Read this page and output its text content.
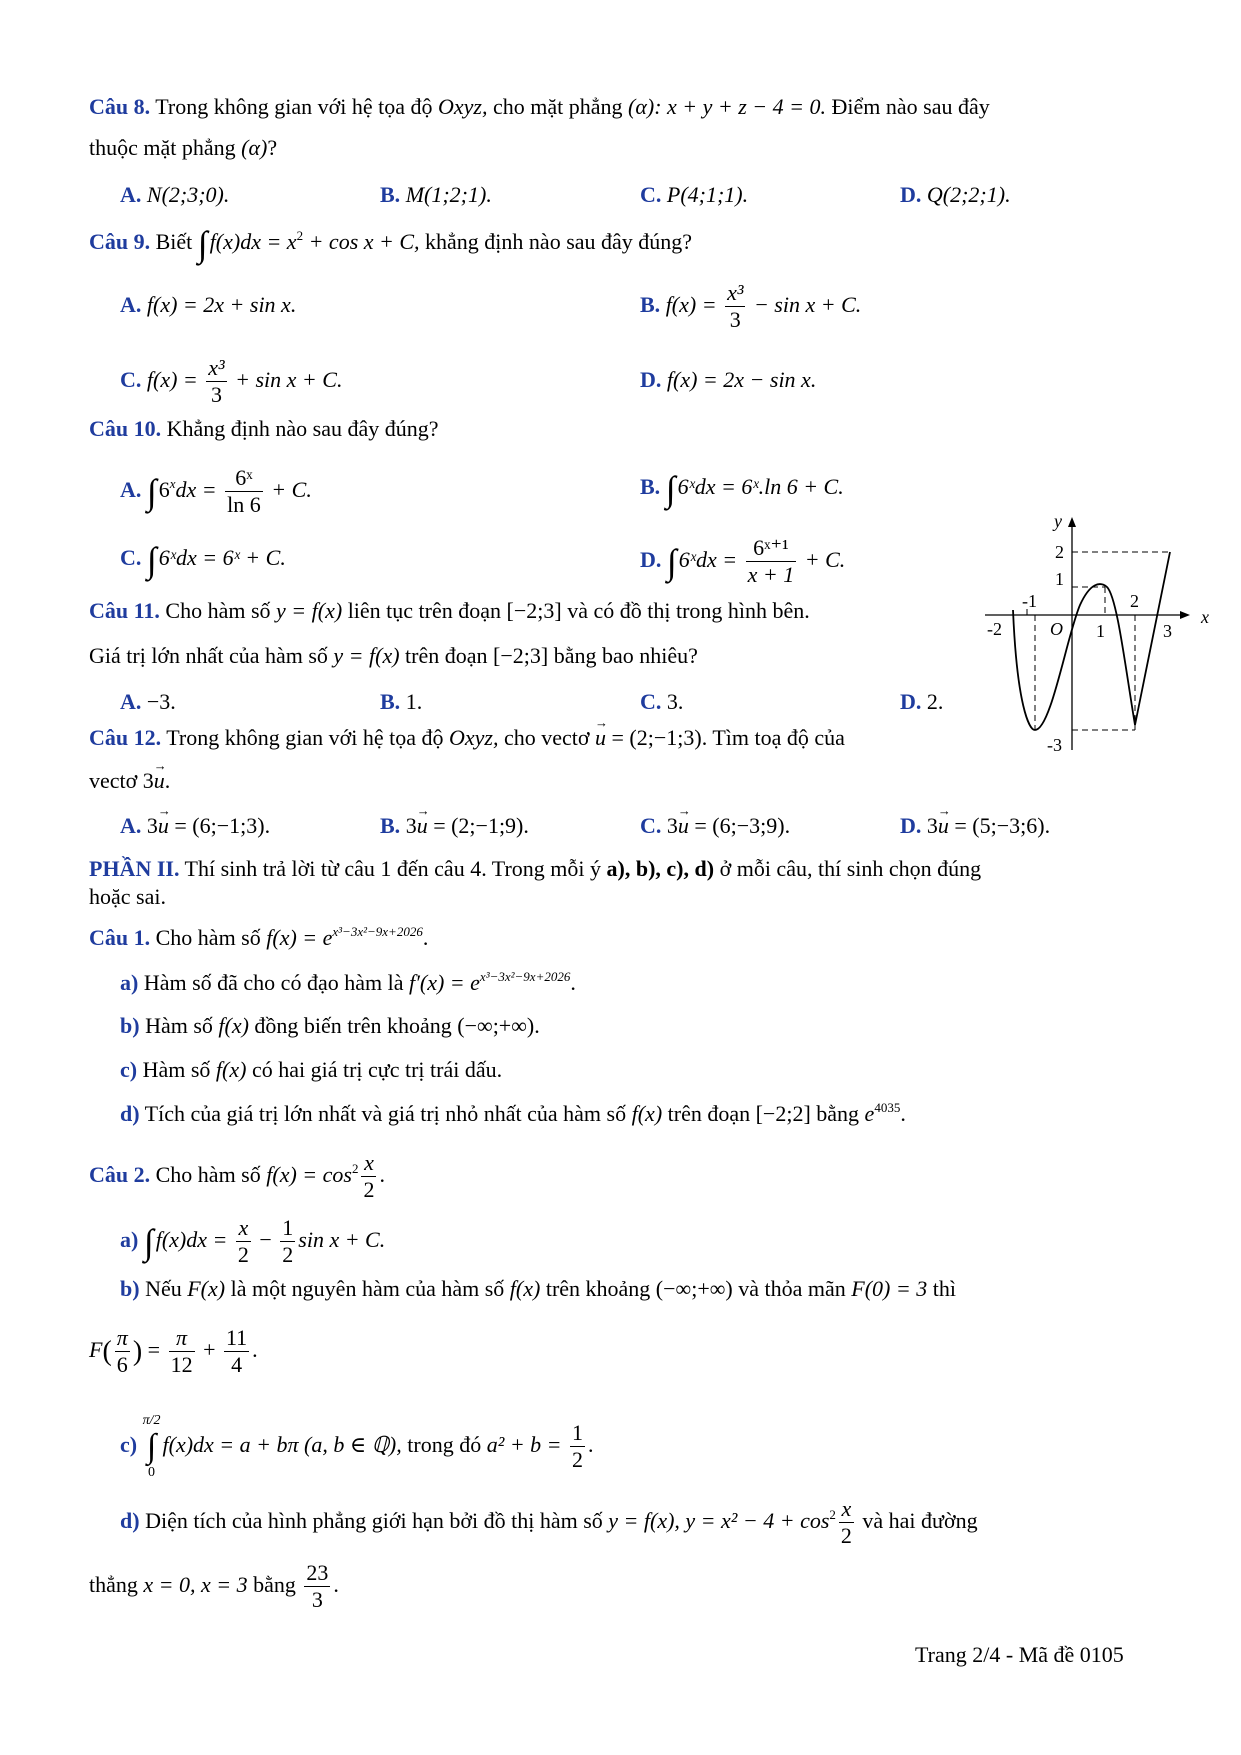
Câu 8. Trong không gian với hệ tọa độ Oxyz, cho mặt phẳng (α): x + y + z − 4 = 0. Điểm nào sau đây
thuộc mặt phẳng (α)?
A. N(2;3;0).	B. M(1;2;1).	C. P(4;1;1).	D. Q(2;2;1).
Câu 9. Biết $\int f(x)dx = x^2 + \cos x + C$, khẳng định nào sau đây đúng?
A. f(x) = 2x + sin x.	B. $f(x) = \frac{\text{x³}}{3} - \sin x + C$.
C. $f(x) = \frac{\text{x³}}{3} + \sin x + C$.	D. f(x) = 2x − sin x.
Câu 10. Khẳng định nào sau đây đúng?
A. $\int 6^xdx = \frac{\text{6ˣ}}{\ln 6} + C$.	B. ∫6ˣdx = 6ˣ.ln 6 + C.
C. ∫6ˣdx = 6ˣ + C.	D. ∫6ˣdx = $\frac{\text{6ˣ⁺¹}}{x + 1} + C$.
Câu 11. Cho hàm số y = f(x) liên tục trên đoạn [−2;3] và có đồ thị trong hình bên.
Giá trị lớn nhất của hàm số y = f(x) trên đoạn [−2;3] bằng bao nhiêu?
A. −3.	B. 1.	C. 3.	D. 2.
y
x
O
2
1
-1
-2	1
2
3
-3
Câu 12. Trong không gian với hệ tọa độ Oxyz, cho vectơ → u = (2;−1;3). Tìm toạ độ của
vectơ 3→ u.
A. 3→ u = (6;−1;3).	B. 3→ u = (2;−1;9).	C. 3→ u = (6;−3;9).	D. 3→ u = (5;−3;6).
PHẦN II. Thí sinh trả lời từ câu 1 đến câu 4. Trong mỗi ý a), b), c), d) ở mỗi câu, thí sinh chọn đúng
hoặc sai.
Câu 1. Cho hàm số $f(x) = e^{x^3-3x^2-9x+2026}$.
a) Hàm số đã cho có đạo hàm là $f'(x) = e^{x^3-3x^2-9x+2026}$.
b) Hàm số f(x) đồng biến trên khoảng (−∞;+∞).
c) Hàm số f(x) có hai giá trị cực trị trái dấu.
d) Tích của giá trị lớn nhất và giá trị nhỏ nhất của hàm số f(x) trên đoạn [−2;2] bằng $e^{4035}$.
Câu 2. Cho hàm số $f(x) = \cos^2 \frac{x}{2}$ .
a) $\int f(x)dx = \frac{x}{2} - \frac{1}{2}$ sin x + C.
b) Nếu F(x) là một nguyên hàm của hàm số f(x) trên khoảng (−∞;+∞) và thỏa mãn F(0) = 3 thì
$F( \frac{\pi}{6}$ ) = $\frac{\pi}{12} + \frac{11}{4}$ .
c)
π/2
∫
0
f(x)dx = a + bπ (a, b ∈ ℚ), trong đó $a^2 + b = \frac{1}{2}$ .
d) Diện tích của hình phẳng giới hạn bởi đồ thị hàm số y = f(x), $y = x^2 - 4 + \cos^2 \frac{x}{2}$ và hai đường
thẳng x = 0, x = 3 bằng $\frac{23}{3}$ .
Trang 2/4 - Mã đề 0105
